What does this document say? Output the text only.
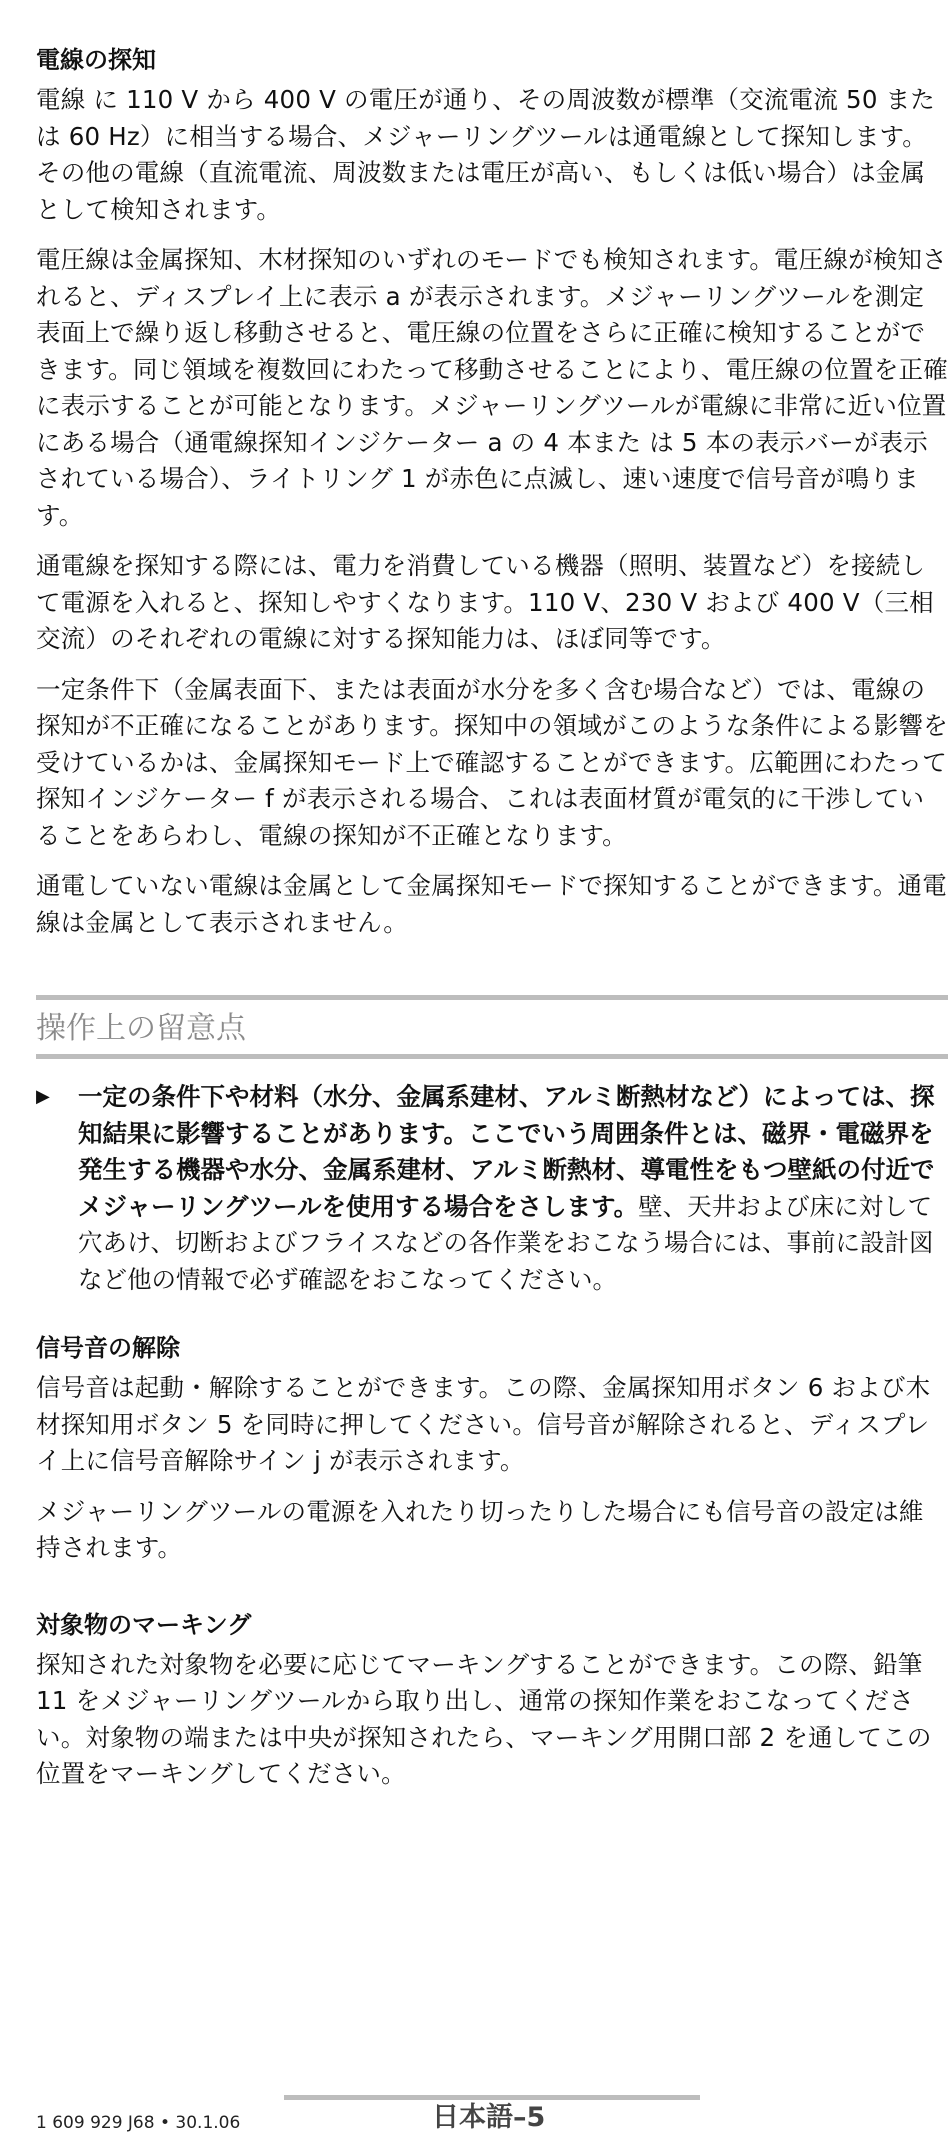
電線の探知
電線 に 110 V から 400 V の電圧が通り、その周波数が標準（交流電流 50 または 60 Hz）に相当する場合、メジャーリングツールは通電線として探知します。その他の電線（直流電流、周波数または電圧が高い、もしくは低い場合）は金属として検知されます。
電圧線は金属探知、木材探知のいずれのモードでも検知されます。電圧線が検知されると、ディスプレイ上に表示 a が表示されます。メジャーリングツールを測定表面上で繰り返し移動させると、電圧線の位置をさらに正確に検知することができます。同じ領域を複数回にわたって移動させることにより、電圧線の位置を正確に表示することが可能となります。メジャーリングツールが電線に非常に近い位置にある場合（通電線探知インジケーター a の 4 本また は 5 本の表示バーが表示されている場合）、ライトリング 1 が赤色に点滅し、速い速度で信号音が鳴ります。
通電線を探知する際には、電力を消費している機器（照明、装置など）を接続して電源を入れると、探知しやすくなります。110 V、230 V および 400 V（三相交流）のそれぞれの電線に対する探知能力は、ほぼ同等です。
一定条件下（金属表面下、または表面が水分を多く含む場合など）では、電線の探知が不正確になることがあります。探知中の領域がこのような条件による影響を受けているかは、金属探知モード上で確認することができます。広範囲にわたって探知インジケーター f が表示される場合、これは表面材質が電気的に干渉していることをあらわし、電線の探知が不正確となります。
通電していない電線は金属として金属探知モードで探知することができます。通電線は金属として表示されません。
操作上の留意点
▶ 一定の条件下や材料（水分、金属系建材、アルミ断熱材など）によっては、探知結果に影響することがあります。ここでいう周囲条件とは、磁界・電磁界を発生する機器や水分、金属系建材、アルミ断熱材、導電性をもつ壁紙の付近でメジャーリングツールを使用する場合をさします。壁、天井および床に対して穴あけ、切断およびフライスなどの各作業をおこなう場合には、事前に設計図など他の情報で必ず確認をおこなってください。
信号音の解除
信号音は起動・解除することができます。この際、金属探知用ボタン 6 および木材探知用ボタン 5 を同時に押してください。信号音が解除されると、ディスプレイ上に信号音解除サイン j が表示されます。
メジャーリングツールの電源を入れたり切ったりした場合にも信号音の設定は維持されます。
対象物のマーキング
探知された対象物を必要に応じてマーキングすることができます。この際、鉛筆 11 をメジャーリングツールから取り出し、通常の探知作業をおこなってください。対象物の端または中央が探知されたら、マーキング用開口部 2 を通してこの位置をマーキングしてください。
1 609 929 J68 • 30.1.06	日本語–5
